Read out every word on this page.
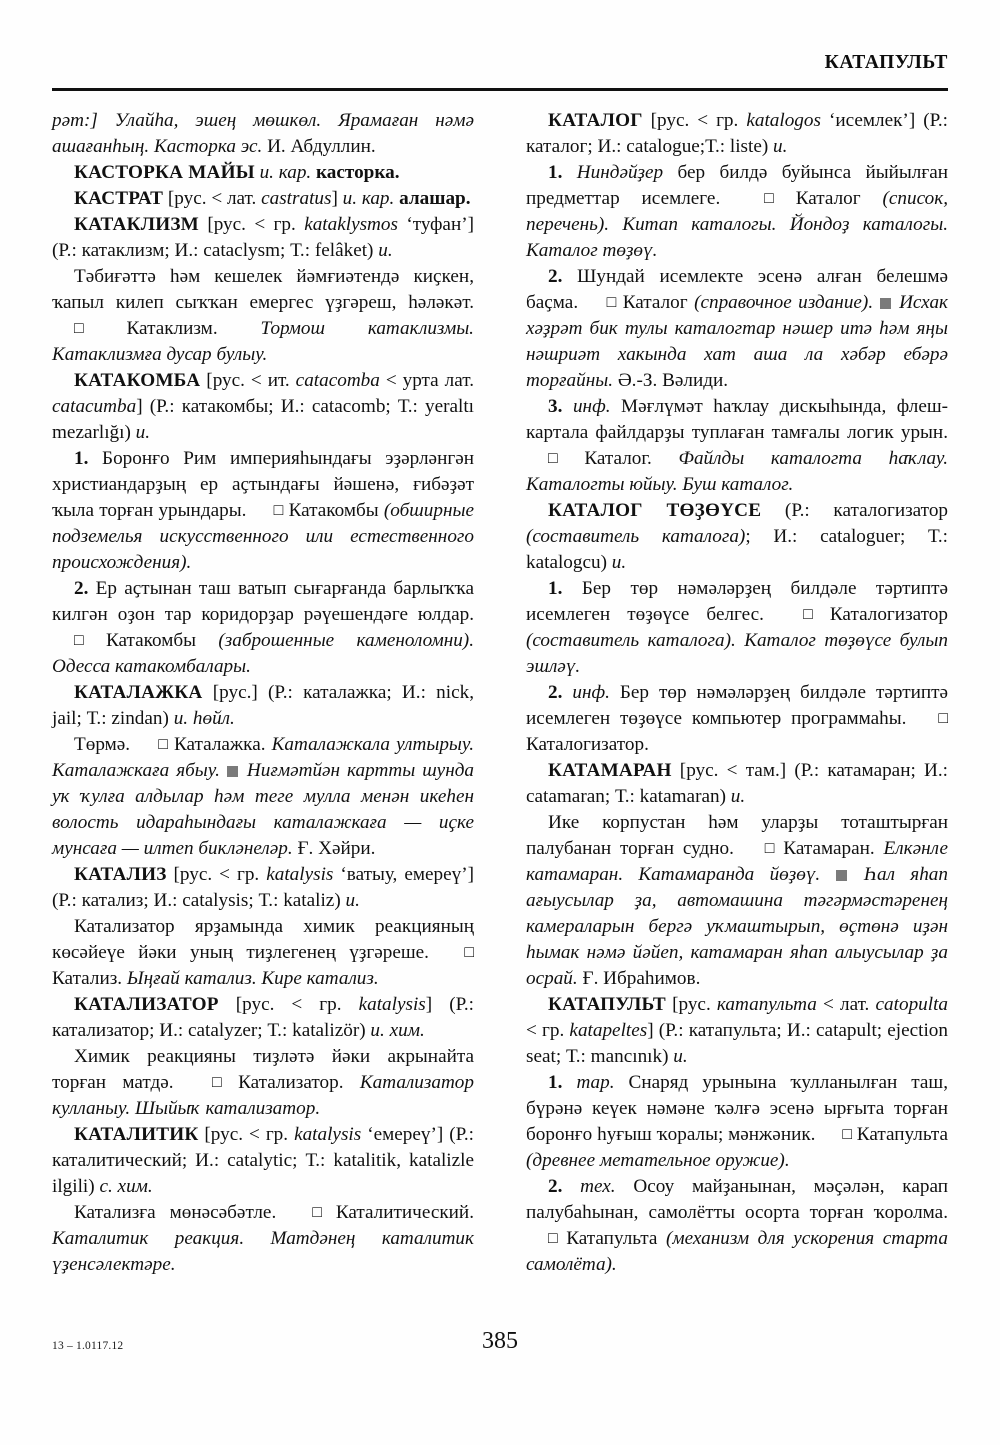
КАТАПУЛЬТ

рәт:] Улайһа, эшең мөшкөл. Ярамаған нәмә ашағанһың. Касторка эс. И. Абдуллин.

КАСТОРКА МАЙЫ и. кар. касторка.

КАСТРАТ [рус. < лат. castratus] и. кар. алашар.

КАТАКЛИЗМ [рус. < гр. kataklysmos ‘туфан’] (Р.: катаклизм; И.: cataclysm; Т.: felâket) и.

Тәбиғәттә һәм кешелек йәмғиәтендә киҫкен, ҡапыл килеп сыҡҡан емергес үҙгәреш, һәләкәт. □ Катаклизм. Тормош катаклизмы. Катаклизмға дусар булыу.

КАТАКОМБА [рус. < ит. catacomba < урта лат. catacumba] (Р.: катакомбы; И.: catacomb; Т.: yeraltı mezarlığı) и.

1. Боронғо Рим империяһындағы эҙәрләнгән христиандарҙың ер аҫтындағы йәшенә, ғибәҙәт ҡыла торған урындары. □ Катакомбы (обширные подземелья искусственного или естественного происхождения).

2. Ер аҫтынан таш ватып сығарғанда барлыҡҡа килгән оҙон тар коридорҙар рәүешендәге юлдар. □ Катакомбы (заброшенные каменоломни). Одесса катакомбалары.

КАТАЛАЖКА [рус.] (Р.: каталажка; И.: nick, jail; Т.: zindan) и. һөйл.

Төрмә. □ Каталажка. Каталажкала ултырыу. Каталажкаға ябыу. Ниғмәтйән картты шунда уҡ ҡулға алдылар һәм теге мулла менән икеһен волость идараһындағы каталажкаға — иҫке мунсаға — илтеп бикләнеләр. Ғ. Хәйри.

КАТАЛИЗ [рус. < гр. katalysis ‘ватыу, емереү’] (Р.: катализ; И.: catalysis; Т.: kataliz) и.

Катализатор ярҙамында химик реакцияның көсәйеүе йәки уның тиҙлегенең үҙгәреше. □ Катализ. Ыңғай катализ. Кире катализ.

КАТАЛИЗАТОР [рус. < гр. katalysis] (Р.: катализатор; И.: catalyzer; Т.: katalizör) и. хим.

Химик реакцияны тиҙләтә йәки акрынайта торған матдә. □ Катализатор. Катализатор кулланыу. Шыйыҡ катализатор.

КАТАЛИТИК [рус. < гр. katalysis ‘емереү’] (Р.: каталитический; И.: catalytic; Т.: katalitik, katalizle ilgili) с. хим.

Катализға мөнәсәбәтле. □ Каталитический. Каталитик реакция. Матдәнең каталитик үҙенсәлектәре.

КАТАЛОГ [рус. < гр. katalogos ‘исемлек’] (Р.: каталог; И.: catalogue;Т.: liste) и.

1. Ниндәйҙер бер билдә буйынса йыйылған предметтар исемлеге. □ Каталог (список, перечень). Китап каталогы. Йондоҙ каталогы. Каталог төҙөү.

2. Шундай исемлекте эсенә алған белешмә баҫма. □ Каталог (справочное издание). Исхак хәҙрәт бик тулы каталогтар нәшер итә һәм яңы нәшриәт хакында хат аша ла хәбәр ебәрә торғайны. Ә.-З. Вәлиди.

3. инф. Мәғлүмәт һаҡлау дискыһында, флеш-картала файлдарҙы туплаған тамғалы логик урын. □ Каталог. Файлды каталогта һаҡлау. Каталогты юйыу. Буш каталог.

КАТАЛОГ ТӨҘӨҮСЕ (Р.: каталогизатор (составитель каталога); И.: cataloguer; Т.: katalogcu) и.

1. Бер төр нәмәләрҙең билдәле тәртиптә исемлеген төҙөүсе белгес. □ Каталогизатор (составитель каталога). Каталог төҙөүсе булып эшләү.

2. инф. Бер төр нәмәләрҙең билдәле тәртиптә исемлеген төҙөүсе компьютер программаһы. □ Каталогизатор.

КАТАМАРАН [рус. < там.] (Р.: катамаран; И.: catamaran; Т.: katamaran) и.

Ике корпустан һәм уларҙы тоташтырған палубанан торған судно. □ Катамаран. Елкәнле катамаран. Катамаранда йөҙөү. Һал яһап ағыусылар ҙа, автомашина тәгәрмәстәренең камераларын бергә уҡмаштырып, өҫтөнә иҙән һымак нәмә йәйеп, катамаран яһап алыусылар ҙа осрай. Ғ. Ибраһимов.

КАТАПУЛЬТ [рус. катапульта < лат. catopulta < гр. katapeltes] (Р.: катапульта; И.: catapult; ejection seat; Т.: mancınık) и.

1. тар. Снаряд урынына ҡулланылған таш, бүрәнә кеүек нәмәне ҡәлғә эсенә ырғыта торған боронғо һуғыш ҡоралы; мәнжәник. □ Катапульта (древнее метательное оружие).

2. тех. Осоу майҙанынан, мәҫәлән, карап палубаһынан, самолётты осорта торған ҡоролма. □ Катапульта (механизм для ускорения старта самолёта).

13 – 1.0117.12	385
